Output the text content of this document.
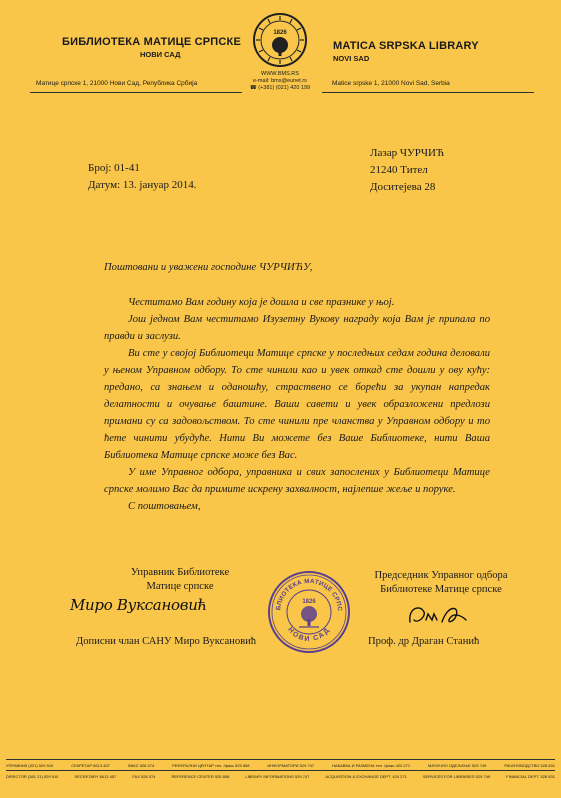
БИБЛИОТЕКА МАТИЦЕ СРПСКЕ
НОВИ САД
Матице српске 1, 21000 Нови Сад, Република Србија
1826
WWW.BMS.RS
e-mail: bms@eunet.rs
☎ (+381) (021) 420 199
MATICA SRPSKA LIBRARY
NOVI SAD
Matice srpske 1, 21000 Novi Sad, Serbia
Број: 01-41
Датум: 13. јануар 2014.
Лазар ЧУРЧИЋ
21240 Тител
Доситејева 28
Поштовани и уважени господине ЧУРЧИЋУ,

Честитамо Вам годину која је дошла и све празнике у њој.

Још једном Вам честитамо Изузетну Вукову награду која Вам је припала по правди и заслузи.

Ви сте у својој Библиотеци Матице српске у последњих седам година деловали у њеном Управном одбору. То сте чинили као и увек откад сте дошли у ову кућу: предано, са знањем и оданошћу, страствено се борећи за укупан напредак делатности и очување баштине. Ваши савети и увек образложени предлози примани су са задовољством. То сте чинили пре чланства у Управном одбору и то ћете чинити убудуће. Нити Ви можете без Ваше Библиотеке, нити Ваша Библиотека Матице српске може без Вас.

У име Управног одбора, управника и свих запослених у Библиотеци Матице српске молимо Вас да примите искрену захвалност, најлепше жеље и поруке.

С поштовањем,

Управник Библиотеке
Матице српске
Миро Вуксановић
Дописни члан САНУ Миро Вуксановић
БЛИОТЕКА МАТИЦЕ СРПС
НОВИ САД
1826
Председник Управног одбора
Библиотеке Матице српске
Проф. др Драган Станић
УПРАВНИК (021) 529 910	СЕКРЕТАР 6613 457	ФАКС 528 574	РЕФЕРАЛНИ ЦЕНТАР тел. /факс 525 858	ИНФОРМАТОРИ 529 747	НАБАВКА И РАЗМЕНА тел. /факс 420 271	МАТИЧНО ОДЕЉЕЊЕ 529 749	РАЧУНОВОДСТВО 528 831
DIRECTOR (381 21) 529 910	SECRETARY 6613 457	FAX 528 574	REFERENCE CENTER 525 858	LIBRARY INFORMATIONS 529 747	ACQUISITION & EXCHANGE DEPT. 420 271	SERVICES FOR LIBRARIES 529 749	FINANCIAL DEPT. 528 831
